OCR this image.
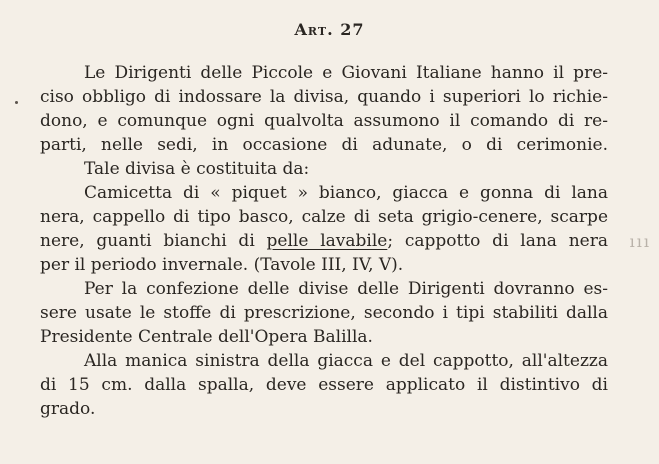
Art. 27
Le Dirigenti delle Piccole e Giovani Italiane hanno il pre-
ciso obbligo di indossare la divisa, quando i superiori lo richie-
dono, e comunque ogni qualvolta assumono il comando di re-
parti, nelle sedi, in occasione di adunate, o di cerimonie.
Tale divisa è costituita da:
Camicetta di « piquet » bianco, giacca e gonna di lana
nera, cappello di tipo basco, calze di seta grigio-cenere, scarpe
nere, guanti bianchi di pelle lavabile; cappotto di lana nera
per il periodo invernale. (Tavole III, IV, V).
Per la confezione delle divise delle Dirigenti dovranno es-
sere usate le stoffe di prescrizione, secondo i tipi stabiliti dalla
Presidente Centrale dell'Opera Balilla.
Alla manica sinistra della giacca e del cappotto, all'altezza
di 15 cm. dalla spalla, deve essere applicato il distintivo di
grado.
ııı
